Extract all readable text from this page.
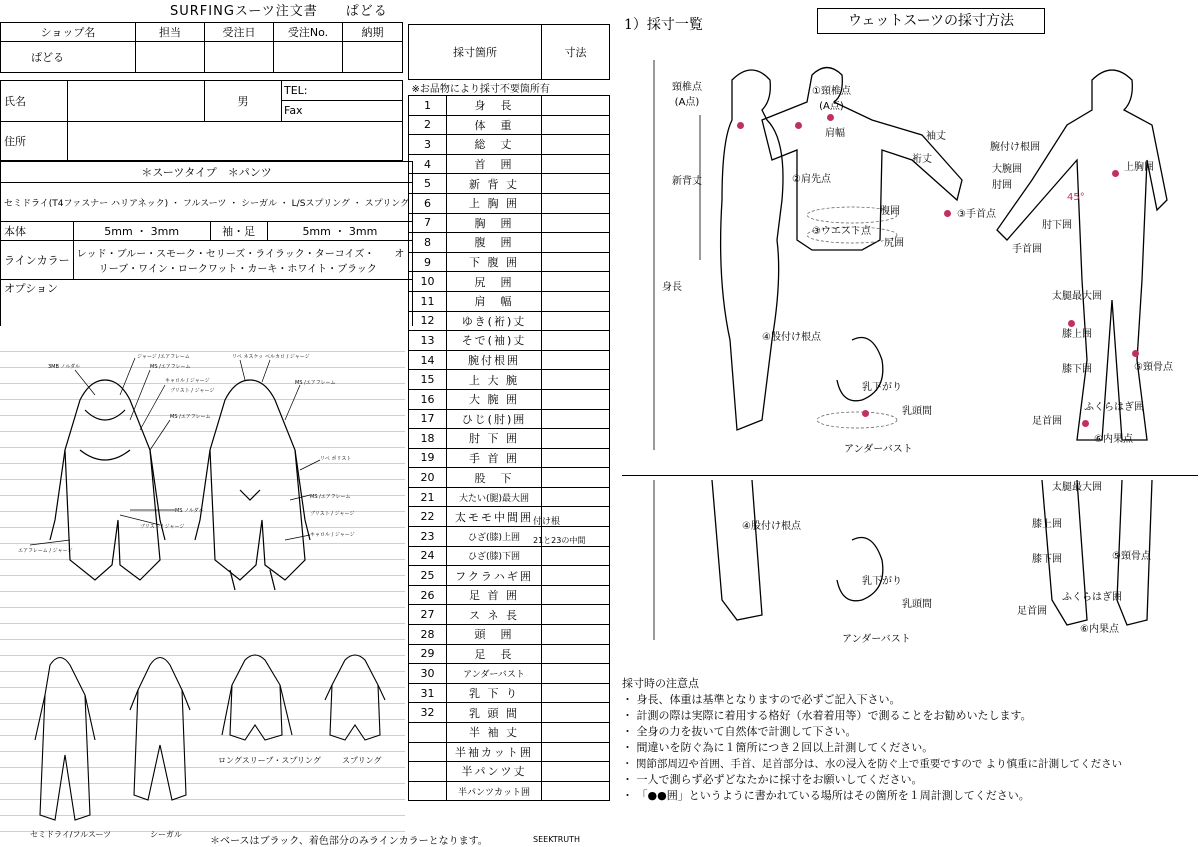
SURFINGスーツ注文書　　ぱどる
ショップ名	担当	受注日	受注No.	納期
ぱどる				
氏名		男	TEL:
Fax

住所			
＊スーツタイプ　＊パンツ			
セミドライ(T4ファスナー ハリアネック) ・ フルスーツ ・ シーガル ・ L/Sスプリング ・ スプリング			
本体	5mm ・ 3mm	袖・足	5mm ・ 3mm
ラインカラー	レッド・ブルー・スモーク・セリーズ・ライラック・ターコイズ・　　オ
リーブ・ワイン・ロークワット・カーキ・ホワイト・ブラック		

オプション			
3MB ノルダル
ジャージ /エアフレーム	リペ ネスケッ ベルカロ / ジャージ
MS /エアフレーム
キャロル / ジャージ
ブリスト / ジャージ
MS /エアフレーム
MS /エアフレーム
リペ ポリスト
MS /エアフレーム
ブリスト / ジャージ
MS ノルダル
ブリスト / ジャージ
キャロル / ジャージ
エアフレーム / ジャージ
セミドライ/フルスーツ	シーガル
ロングスリーブ・スプリング	スプリング
＊ベースはブラック、着色部分のみラインカラーとなります。	SEEKTRUTH
採寸箇所		寸法
※お品物により採寸不要箇所有		
1	身　長	
2	体　重	
3	総　丈	
4	首　囲	
5	新 背 丈	
6	上 胸 囲	
7	胸　囲	
8	腹　囲	
9	下 腹 囲	
10	尻　囲	
11	肩　幅	
12	ゆき(裄)丈	
13	そで(袖)丈	
14	腕付根囲	
15	上 大 腕	
16	大 腕 囲	
17	ひじ(肘)囲	
18	肘 下 囲	
19	手 首 囲	
20	股　下	
21	大たい(腿)最大囲	
22	太モモ中間囲	
23	ひざ(膝)上囲	
24	ひざ(膝)下囲	
25	フクラハギ囲	
26	足 首 囲	
27	ス ネ 長	
28	頭　囲	
29	足　長	
30	アンダーバスト	
31	乳 下 り	
32	乳 頭 間	
	半 袖 丈	
	半袖カット囲	
	半パンツ丈	
	半パンツカット囲	
付け根
21と23の中間
1）採寸一覧	ウェットスーツの採寸方法
頸椎点
(A点)
①頸椎点
(A点)
肩幅
②肩先点
③ウエスト点
新背丈
身長
袖丈
裄丈
腹囲
尻囲
③手首点
手首囲
肘下囲
腕付け根囲
大腕囲
肘囲
上胸囲
45°
④股付け根点
乳下がり
乳頭間
アンダーバスト
太腿最大囲
膝上囲
膝下囲	⑤頸骨点
ふくらはぎ囲
足首囲
⑥内果点
④股付け根点
乳下がり
乳頭間
アンダーバスト
太腿最大囲
膝上囲
膝下囲	⑤頸骨点
ふくらはぎ囲
足首囲
⑥内果点
採寸時の注意点
・ 身長、体重は基準となりますので必ずご記入下さい。
・ 計測の際は実際に着用する格好（水着着用等）で測ることをお勧めいたします。
・ 全身の力を抜いて自然体で計測して下さい。
・ 間違いを防ぐ為に１箇所につき２回以上計測してください。
・ 関節部周辺や首囲、手首、足首部分は、水の浸入を防ぐ上で重要ですので より慎重に計測してください
・ 一人で測らず必ずどなたかに採寸をお願いしてください。
・ 「●●囲」というように書かれている場所はその箇所を１周計測してください。
